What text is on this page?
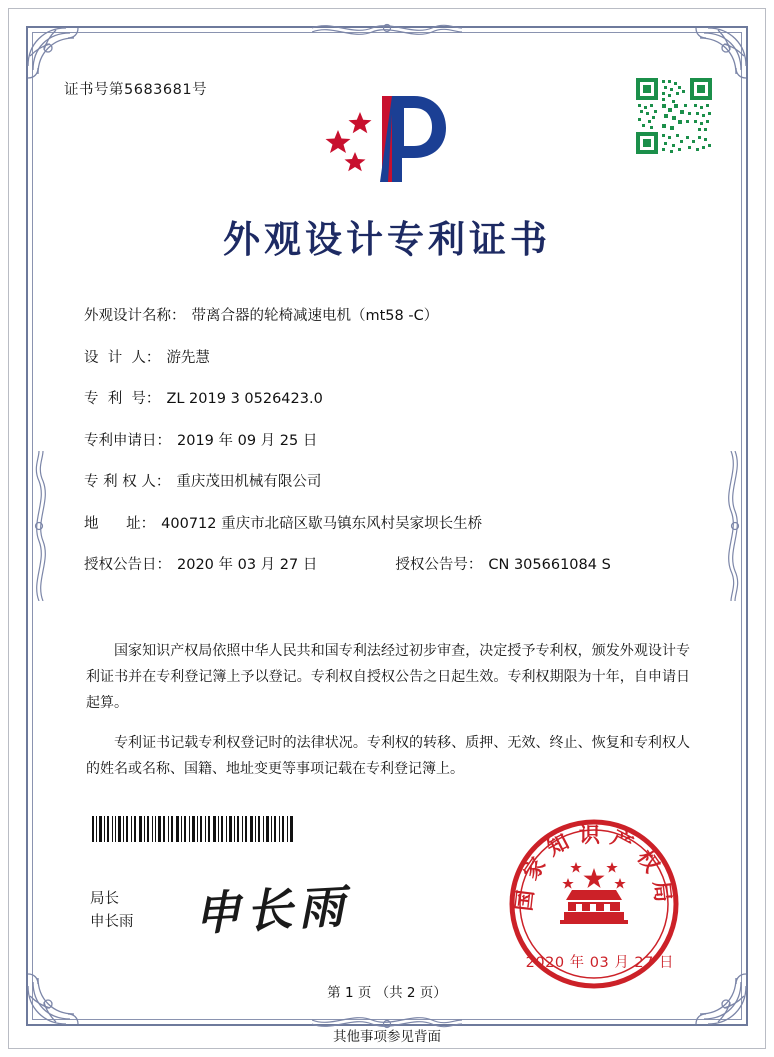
证书号第5683681号
外观设计专利证书
外观设计名称： 带离合器的轮椅减速电机（mt58 -C）
设  计  人： 游先慧
专  利  号： ZL 2019 3 0526423.0
专利申请日： 2019 年 09 月 25 日
专 利 权 人： 重庆茂田机械有限公司
地      址： 400712 重庆市北碚区歇马镇东风村吴家坝长生桥
授权公告日： 2020 年 03 月 27 日	授权公告号： CN 305661084 S

国家知识产权局依照中华人民共和国专利法经过初步审查，决定授予专利权，颁发外观设计专利证书并在专利登记簿上予以登记。专利权自授权公告之日起生效。专利权期限为十年，自申请日起算。

专利证书记载专利权登记时的法律状况。专利权的转移、质押、无效、终止、恢复和专利权人的姓名或名称、国籍、地址变更等事项记载在专利登记簿上。

局长
申长雨 申长雨	国家知识产权局
2020 年 03 月 27 日
第 1 页 （共 2 页）
其他事项参见背面
